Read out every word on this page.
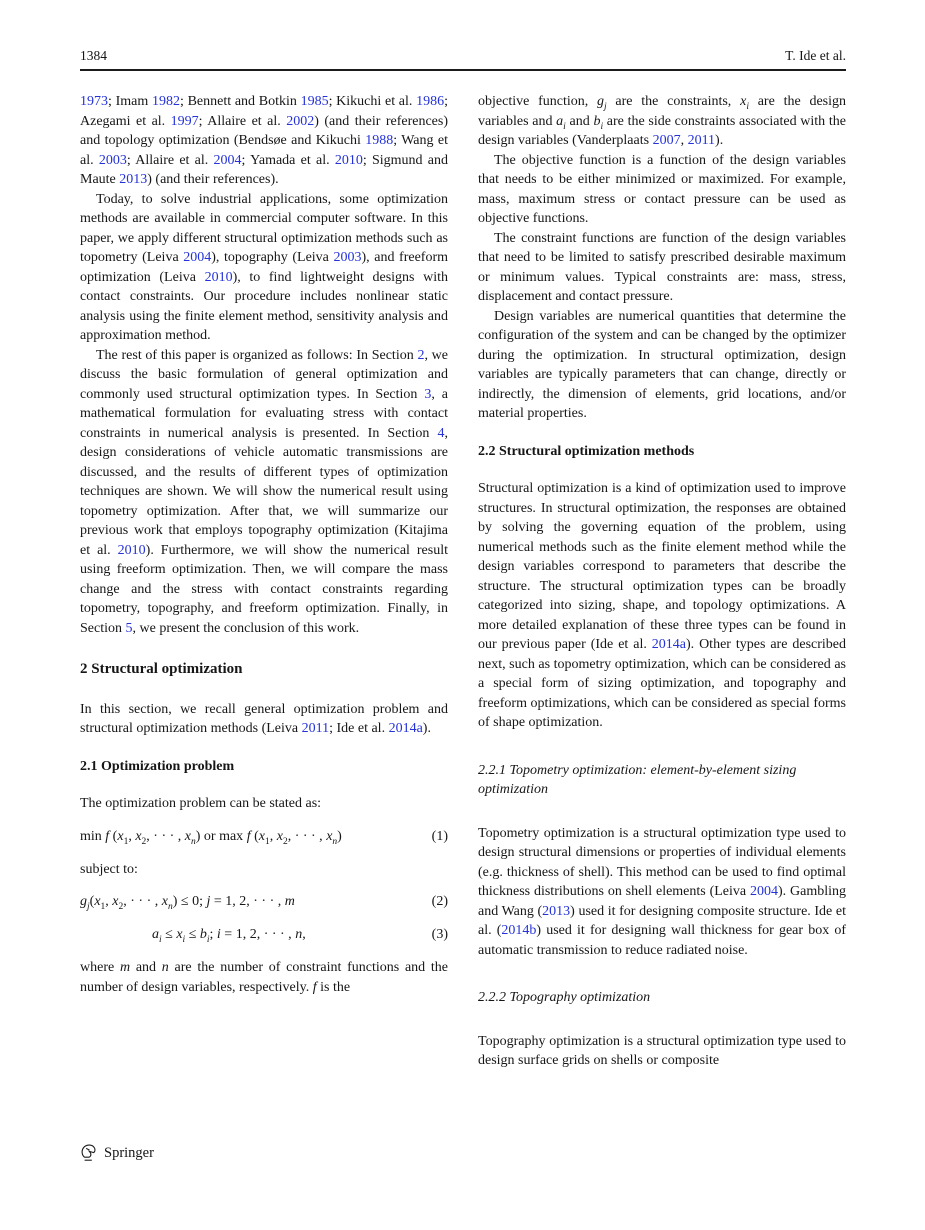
1384	T. Ide et al.
1973; Imam 1982; Bennett and Botkin 1985; Kikuchi et al. 1986; Azegami et al. 1997; Allaire et al. 2002) (and their references) and topology optimization (Bendsøe and Kikuchi 1988; Wang et al. 2003; Allaire et al. 2004; Yamada et al. 2010; Sigmund and Maute 2013) (and their references).
Today, to solve industrial applications, some optimization methods are available in commercial computer software. In this paper, we apply different structural optimization methods such as topometry (Leiva 2004), topography (Leiva 2003), and freeform optimization (Leiva 2010), to find lightweight designs with contact constraints. Our procedure includes nonlinear static analysis using the finite element method, sensitivity analysis and approximation method.
The rest of this paper is organized as follows: In Section 2, we discuss the basic formulation of general optimization and commonly used structural optimization types. In Section 3, a mathematical formulation for evaluating stress with contact constraints in numerical analysis is presented. In Section 4, design considerations of vehicle automatic transmissions are discussed, and the results of different types of optimization techniques are shown. We will show the numerical result using topometry optimization. After that, we will summarize our previous work that employs topography optimization (Kitajima et al. 2010). Furthermore, we will show the numerical result using freeform optimization. Then, we will compare the mass change and the stress with contact constraints regarding topometry, topography, and freeform optimization. Finally, in Section 5, we present the conclusion of this work.
2 Structural optimization
In this section, we recall general optimization problem and structural optimization methods (Leiva 2011; Ide et al. 2014a).
2.1 Optimization problem
The optimization problem can be stated as:
min f ($x_1$, $x_2$, · · · , $x_n$) or max f ($x_1$, $x_2$, · · · , $x_n$)	(1)
subject to:
$g_j(x_1$, $x_2$, · · · , $x_n) \le 0$; j = 1, 2, · · · , m	(2)
$a_i \le x_i \le b_i$; i = 1, 2, · · · , n,	(3)
where m and n are the number of constraint functions and the number of design variables, respectively. f is the
objective function, $g_j$ are the constraints, $x_i$ are the design variables and $a_i$ and $b_i$ are the side constraints associated with the design variables (Vanderplaats 2007, 2011).
The objective function is a function of the design variables that needs to be either minimized or maximized. For example, mass, maximum stress or contact pressure can be used as objective functions.
The constraint functions are function of the design variables that need to be limited to satisfy prescribed desirable maximum or minimum values. Typical constraints are: mass, stress, displacement and contact pressure.
Design variables are numerical quantities that determine the configuration of the system and can be changed by the optimizer during the optimization. In structural optimization, design variables are typically parameters that can change, directly or indirectly, the dimension of elements, grid locations, and/or material properties.
2.2 Structural optimization methods
Structural optimization is a kind of optimization used to improve structures. In structural optimization, the responses are obtained by solving the governing equation of the problem, using numerical methods such as the finite element method while the design variables correspond to parameters that describe the structure. The structural optimization types can be broadly categorized into sizing, shape, and topology optimizations. A more detailed explanation of these three types can be found in our previous paper (Ide et al. 2014a). Other types are described next, such as topometry optimization, which can be considered as a special form of sizing optimization, and topography and freeform optimizations, which can be considered as special forms of shape optimization.
2.2.1 Topometry optimization: element-by-element sizing optimization
Topometry optimization is a structural optimization type used to design structural dimensions or properties of individual elements (e.g. thickness of shell). This method can be used to find optimal thickness distributions on shell elements (Leiva 2004). Gambling and Wang (2013) used it for designing composite structure. Ide et al. (2014b) used it for designing wall thickness for gear box of automatic transmission to reduce radiated noise.
2.2.2 Topography optimization
Topography optimization is a structural optimization type used to design surface grids on shells or composite
Springer
